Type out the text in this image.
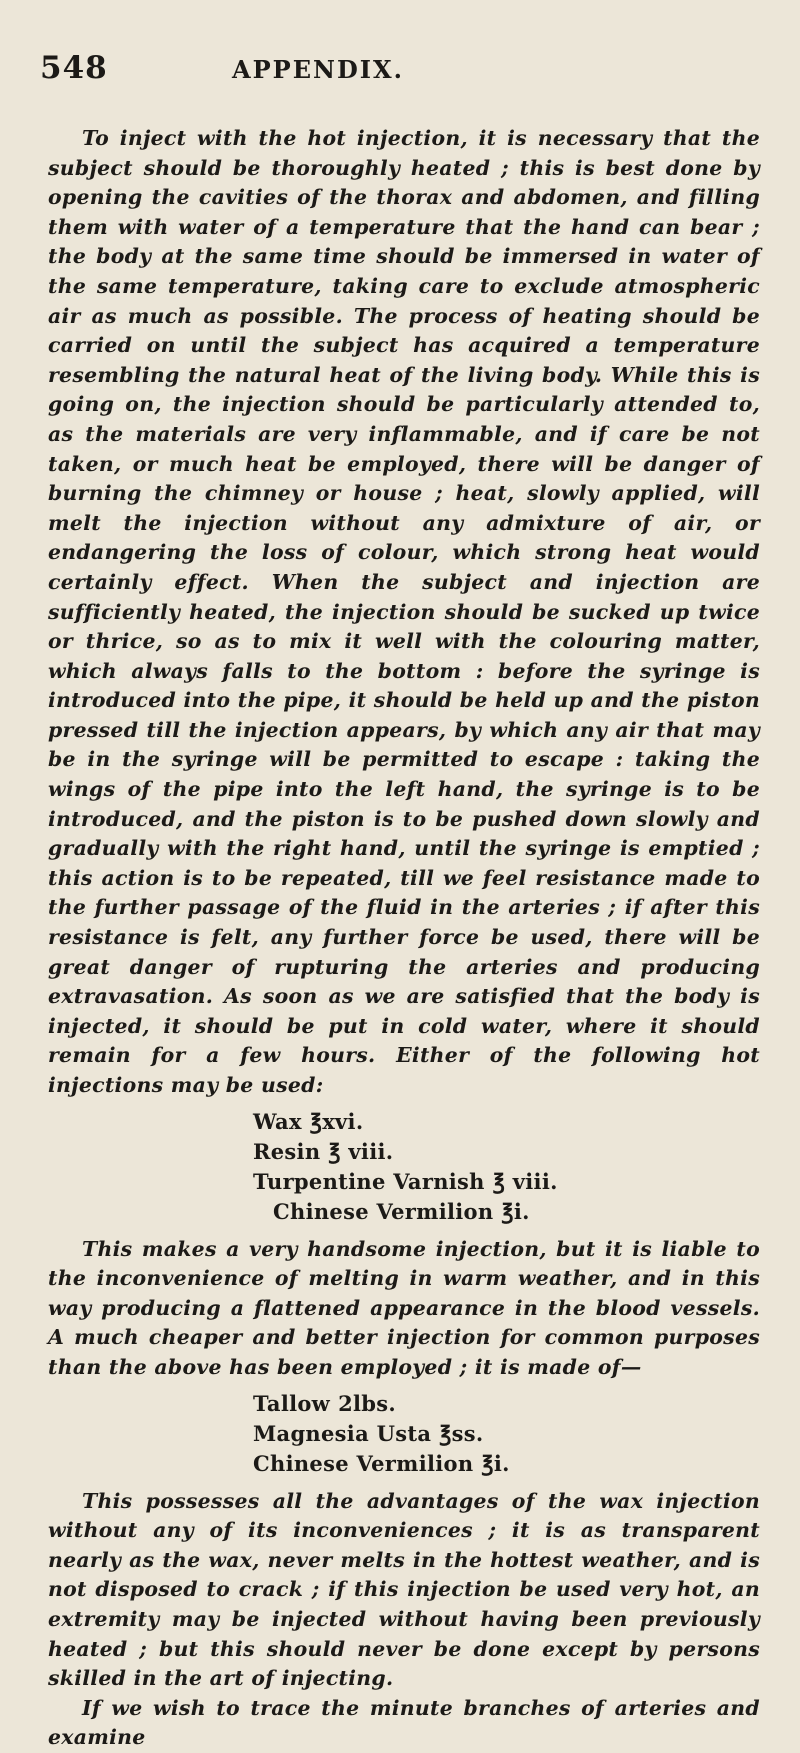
548	APPENDIX.

To inject with the hot injection, it is necessary that the subject should be thoroughly heated ; this is best done by opening the cavities of the thorax and abdomen, and filling them with water of a temperature that the hand can bear ; the body at the same time should be immersed in water of the same temperature, taking care to exclude atmospheric air as much as possible. The process of heating should be carried on until the subject has acquired a temperature resembling the natural heat of the living body. While this is going on, the injection should be particularly attended to, as the materials are very inflammable, and if care be not taken, or much heat be employed, there will be danger of burning the chimney or house ; heat, slowly applied, will melt the injection without any admixture of air, or endangering the loss of colour, which strong heat would certainly effect. When the subject and injection are sufficiently heated, the injection should be sucked up twice or thrice, so as to mix it well with the colouring matter, which always falls to the bottom : before the syringe is introduced into the pipe, it should be held up and the piston pressed till the injection appears, by which any air that may be in the syringe will be permitted to escape : taking the wings of the pipe into the left hand, the syringe is to be introduced, and the piston is to be pushed down slowly and gradually with the right hand, until the syringe is emptied ; this action is to be repeated, till we feel resistance made to the further passage of the fluid in the arteries ; if after this resistance is felt, any further force be used, there will be great danger of rupturing the arteries and producing extravasation. As soon as we are satisfied that the body is injected, it should be put in cold water, where it should remain for a few hours. Either of the following hot injections may be used:

Wax ℥xvi.
Resin ℥ viii.
Turpentine Varnish ℥ viii.
Chinese Vermilion ℥i.

This makes a very handsome injection, but it is liable to the inconvenience of melting in warm weather, and in this way producing a flattened appearance in the blood vessels. A much cheaper and better injection for common purposes than the above has been employed ; it is made of—

Tallow 2lbs.
Magnesia Usta ℥ss.
Chinese Vermilion ℥i.

This possesses all the advantages of the wax injection without any of its inconveniences ; it is as transparent nearly as the wax, never melts in the hottest weather, and is not disposed to crack ; if this injection be used very hot, an extremity may be injected without having been previously heated ; but this should never be done except by persons skilled in the art of injecting.

If we wish to trace the minute branches of arteries and examine
